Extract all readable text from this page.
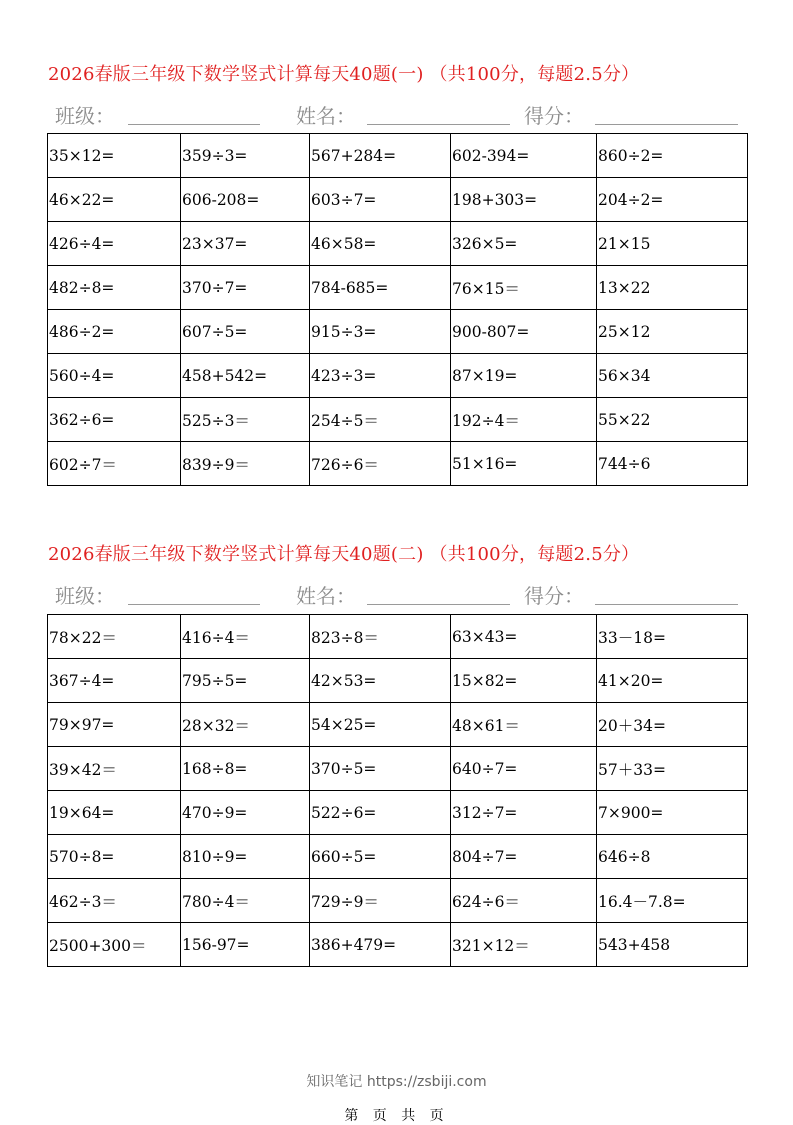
2026春版三年级下数学竖式计算每天40题(一) （共100分，每题2.5分）
班级：	姓名：	得分：
35×12=	359÷3=	567+284=	602-394=	860÷2=
46×22=	606-208=	603÷7=	198+303=	204÷2=
426÷4=	23×37=	46×58=	326×5=	21×15
482÷8=	370÷7=	784-685=	76×15＝	13×22
486÷2=	607÷5=	915÷3=	900-807=	25×12
560÷4=	458+542=	423÷3=	87×19=	56×34
362÷6=	525÷3＝	254÷5＝	192÷4＝	55×22
602÷7＝	839÷9＝	726÷6＝	51×16=	744÷6
2026春版三年级下数学竖式计算每天40题(二) （共100分，每题2.5分）
班级：	姓名：	得分：
78×22＝	416÷4＝	823÷8＝	63×43=	33－18=
367÷4=	795÷5=	42×53=	15×82=	41×20=
79×97=	28×32＝	54×25=	48×61＝	20＋34=
39×42＝	168÷8=	370÷5=	640÷7=	57＋33=
19×64=	470÷9=	522÷6=	312÷7=	7×900=
570÷8=	810÷9=	660÷5=	804÷7=	646÷8
462÷3＝	780÷4＝	729÷9＝	624÷6＝	16.4－7.8=
2500+300＝	156-97=	386+479=	321×12＝	543+458
知识笔记 https://zsbiji.com
第 页 共 页
